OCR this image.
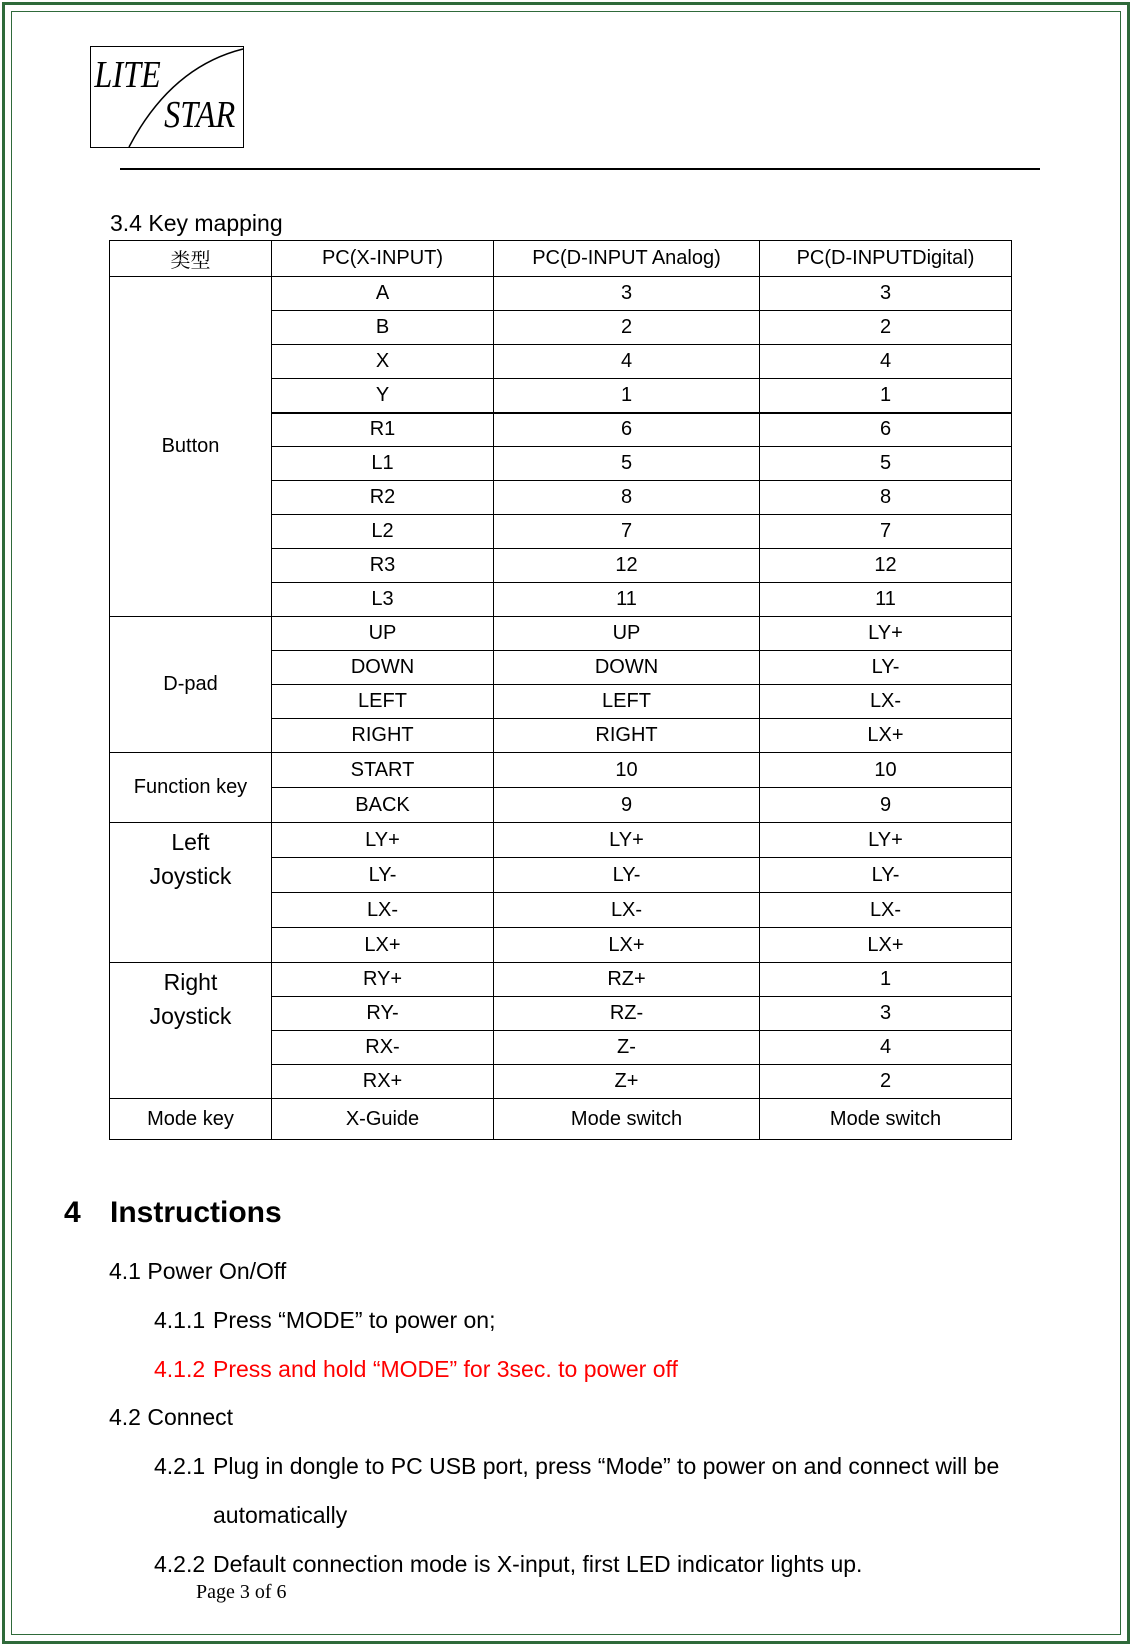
LITE
STAR
3.4 Key mapping
类型	PC(X-INPUT)	PC(D-INPUT Analog)	PC(D-INPUTDigital)
Button	A	3	3
	B	2	2
	X	4	4
	Y	1	1
	R1	6	6
	L1	5	5
	R2	8	8
	L2	7	7
	R3	12	12
	L3	11	11
D-pad	UP	UP	LY+
	DOWN	DOWN	LY-
	LEFT	LEFT	LX-
	RIGHT	RIGHT	LX+
Function key	START	10	10
	BACK	9	9

Left
Joystick	LY+	LY+	LY+
	LY-	LY-	LY-
	LX-	LX-	LX-
	LX+	LX+	LX+

Right
Joystick	RY+	RZ+	1
	RY-	RZ-	3
	RX-	Z-	4
	RX+	Z+	2
Mode key	X-Guide	Mode switch	Mode switch
4 Instructions
4.1 Power On/Off
4.1.1 Press “MODE” to power on;
4.1.2 Press and hold “MODE” for 3sec. to power off
4.2 Connect
4.2.1 Plug in dongle to PC USB port, press “Mode” to power on and connect will be
automatically
4.2.2 Default connection mode is X-input, first LED indicator lights up.
Page 3 of 6
